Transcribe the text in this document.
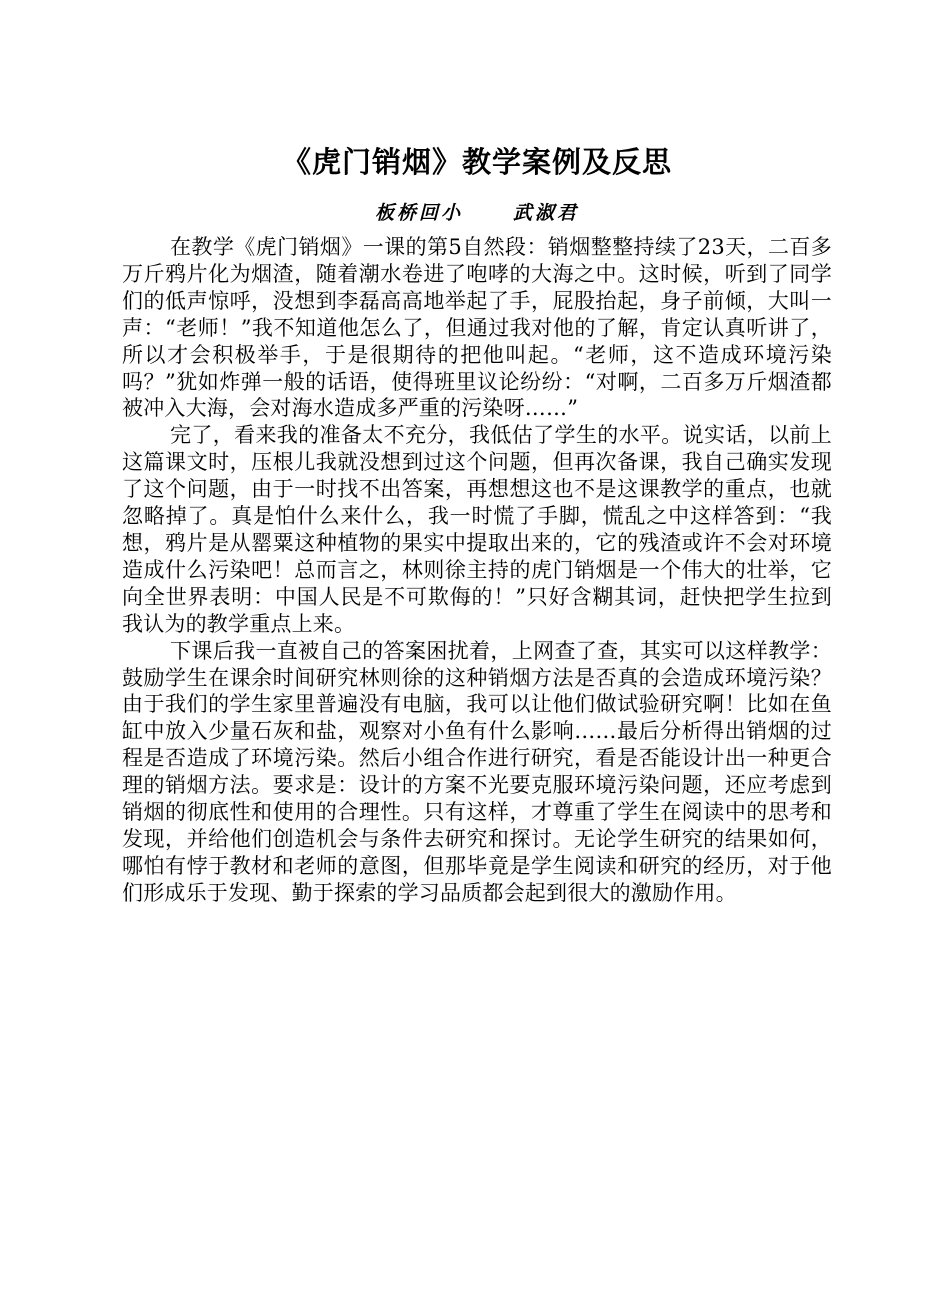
《虎门销烟》教学案例及反思
板桥回小	武淑君

在教学《虎门销烟》一课的第5自然段：销烟整整持续了23天，二百多万斤鸦片化为烟渣，随着潮水卷进了咆哮的大海之中。这时候，听到了同学们的低声惊呼，没想到李磊高高地举起了手，屁股抬起，身子前倾，大叫一声：“老师！”我不知道他怎么了，但通过我对他的了解，肯定认真听讲了，所以才会积极举手，于是很期待的把他叫起。“老师，这不造成环境污染吗？”犹如炸弹一般的话语，使得班里议论纷纷：“对啊，二百多万斤烟渣都被冲入大海，会对海水造成多严重的污染呀……”

完了，看来我的准备太不充分，我低估了学生的水平。说实话，以前上这篇课文时，压根儿我就没想到过这个问题，但再次备课，我自己确实发现了这个问题，由于一时找不出答案，再想想这也不是这课教学的重点，也就忽略掉了。真是怕什么来什么，我一时慌了手脚，慌乱之中这样答到：“我想，鸦片是从罂粟这种植物的果实中提取出来的，它的残渣或许不会对环境造成什么污染吧！总而言之，林则徐主持的虎门销烟是一个伟大的壮举，它向全世界表明：中国人民是不可欺侮的！”只好含糊其词，赶快把学生拉到我认为的教学重点上来。

下课后我一直被自己的答案困扰着，上网查了查，其实可以这样教学：鼓励学生在课余时间研究林则徐的这种销烟方法是否真的会造成环境污染？由于我们的学生家里普遍没有电脑，我可以让他们做试验研究啊！比如在鱼缸中放入少量石灰和盐，观察对小鱼有什么影响……最后分析得出销烟的过程是否造成了环境污染。然后小组合作进行研究，看是否能设计出一种更合理的销烟方法。要求是：设计的方案不光要克服环境污染问题，还应考虑到销烟的彻底性和使用的合理性。只有这样，才尊重了学生在阅读中的思考和发现，并给他们创造机会与条件去研究和探讨。无论学生研究的结果如何，哪怕有悖于教材和老师的意图，但那毕竟是学生阅读和研究的经历，对于他们形成乐于发现、勤于探索的学习品质都会起到很大的激励作用。
